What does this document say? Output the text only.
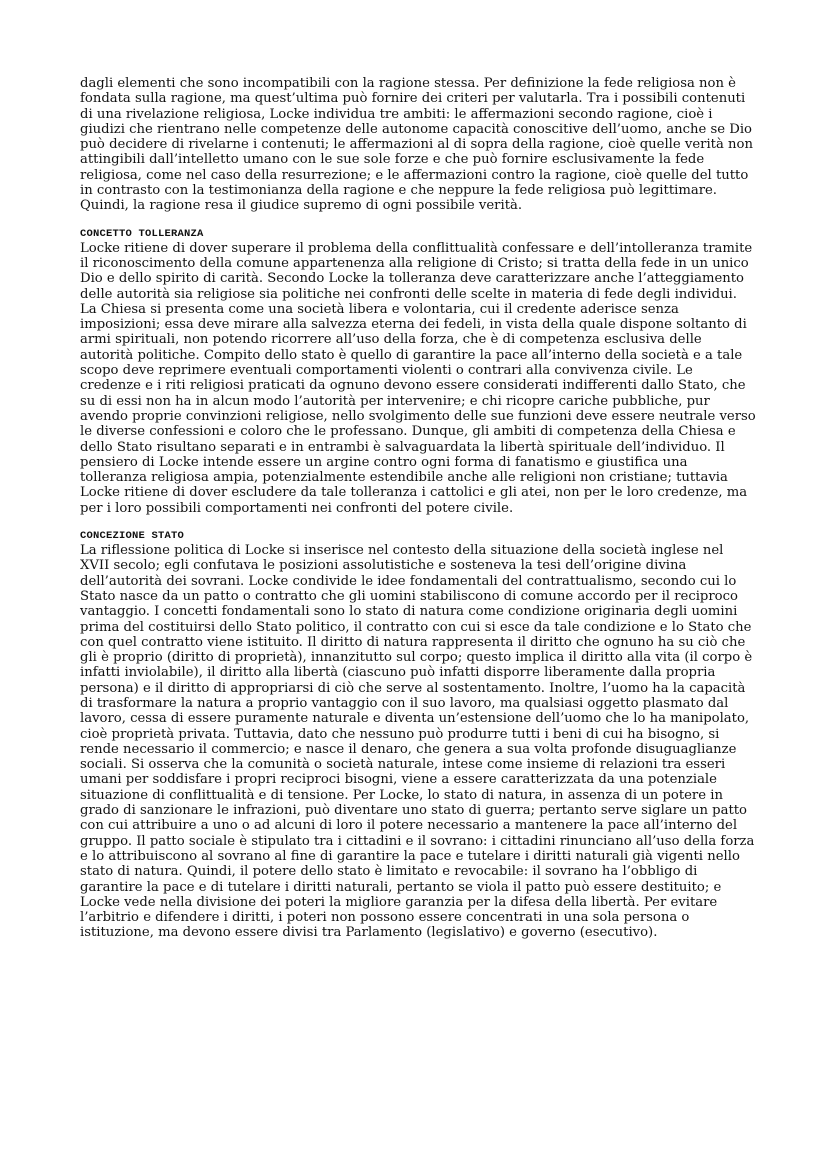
dagli elementi che sono incompatibili con la ragione stessa. Per definizione la fede religiosa non è fondata sulla ragione, ma quest’ultima può fornire dei criteri per valutarla. Tra i possibili contenuti di una rivelazione religiosa, Locke individua tre ambiti: le affermazioni secondo ragione, cioè i giudizi che rientrano nelle competenze delle autonome capacità conoscitive dell’uomo, anche se Dio può decidere di rivelarne i contenuti; le affermazioni al di sopra della ragione, cioè quelle verità non attingibili dall’intelletto umano con le sue sole forze e che può fornire esclusivamente la fede religiosa, come nel caso della resurrezione; e le affermazioni contro la ragione, cioè quelle del tutto in contrasto con la testimonianza della ragione e che neppure la fede religiosa può legittimare. Quindi, la ragione resa il giudice supremo di ogni possibile verità.

CONCETTO TOLLERANZA

Locke ritiene di dover superare il problema della conflittualità confessare e dell’intolleranza tramite il riconoscimento della comune appartenenza alla religione di Cristo; si tratta della fede in un unico Dio e dello spirito di carità. Secondo Locke la tolleranza deve caratterizzare anche l’atteggiamento delle autorità sia religiose sia politiche nei confronti delle scelte in materia di fede degli individui. La Chiesa si presenta come una società libera e volontaria, cui il credente aderisce senza imposizioni; essa deve mirare alla salvezza eterna dei fedeli, in vista della quale dispone soltanto di armi spirituali, non potendo ricorrere all’uso della forza, che è di competenza esclusiva delle autorità politiche. Compito dello stato è quello di garantire la pace all’interno della società e a tale scopo deve reprimere eventuali comportamenti violenti o contrari alla convivenza civile. Le credenze e i riti religiosi praticati da ognuno devono essere considerati indifferenti dallo Stato, che su di essi non ha in alcun modo l’autorità per intervenire; e chi ricopre cariche pubbliche, pur avendo proprie convinzioni religiose, nello svolgimento delle sue funzioni deve essere neutrale verso le diverse confessioni e coloro che le professano. Dunque, gli ambiti di competenza della Chiesa e dello Stato risultano separati e in entrambi è salvaguardata la libertà spirituale dell’individuo. Il pensiero di Locke intende essere un argine contro ogni forma di fanatismo e giustifica una tolleranza religiosa ampia, potenzialmente estendibile anche alle religioni non cristiane; tuttavia Locke ritiene di dover escludere da tale tolleranza i cattolici e gli atei, non per le loro credenze, ma per i loro possibili comportamenti nei confronti del potere civile.

CONCEZIONE STATO

La riflessione politica di Locke si inserisce nel contesto della situazione della società inglese nel XVII secolo; egli confutava le posizioni assolutistiche e sosteneva la tesi dell’origine divina dell’autorità dei sovrani. Locke condivide le idee fondamentali del contrattualismo, secondo cui lo Stato nasce da un patto o contratto che gli uomini stabiliscono di comune accordo per il reciproco vantaggio. I concetti fondamentali sono lo stato di natura come condizione originaria degli uomini prima del costituirsi dello Stato politico, il contratto con cui si esce da tale condizione e lo Stato che con quel contratto viene istituito. Il diritto di natura rappresenta il diritto che ognuno ha su ciò che gli è proprio (diritto di proprietà), innanzitutto sul corpo; questo implica il diritto alla vita (il corpo è infatti inviolabile), il diritto alla libertà (ciascuno può infatti disporre liberamente dalla propria persona) e il diritto di appropriarsi di ciò che serve al sostentamento. Inoltre, l’uomo ha la capacità di trasformare la natura a proprio vantaggio con il suo lavoro, ma qualsiasi oggetto plasmato dal lavoro, cessa di essere puramente naturale e diventa un’estensione dell’uomo che lo ha manipolato, cioè proprietà privata. Tuttavia, dato che nessuno può produrre tutti i beni di cui ha bisogno, si rende necessario il commercio; e nasce il denaro, che genera a sua volta profonde disuguaglianze sociali. Si osserva che la comunità o società naturale, intese come insieme di relazioni tra esseri umani per soddisfare i propri reciproci bisogni, viene a essere caratterizzata da una potenziale situazione di conflittualità e di tensione. Per Locke, lo stato di natura, in assenza di un potere in grado di sanzionare le infrazioni, può diventare uno stato di guerra; pertanto serve siglare un patto con cui attribuire a uno o ad alcuni di loro il potere necessario a mantenere la pace all’interno del gruppo. Il patto sociale è stipulato tra i cittadini e il sovrano: i cittadini rinunciano all’uso della forza e lo attribuiscono al sovrano al fine di garantire la pace e tutelare i diritti naturali già vigenti nello stato di natura. Quindi, il potere dello stato è limitato e revocabile: il sovrano ha l’obbligo di garantire la pace e di tutelare i diritti naturali, pertanto se viola il patto può essere destituito; e Locke vede nella divisione dei poteri la migliore garanzia per la difesa della libertà. Per evitare l’arbitrio e difendere i diritti, i poteri non possono essere concentrati in una sola persona o istituzione, ma devono essere divisi tra Parlamento (legislativo) e governo (esecutivo).
